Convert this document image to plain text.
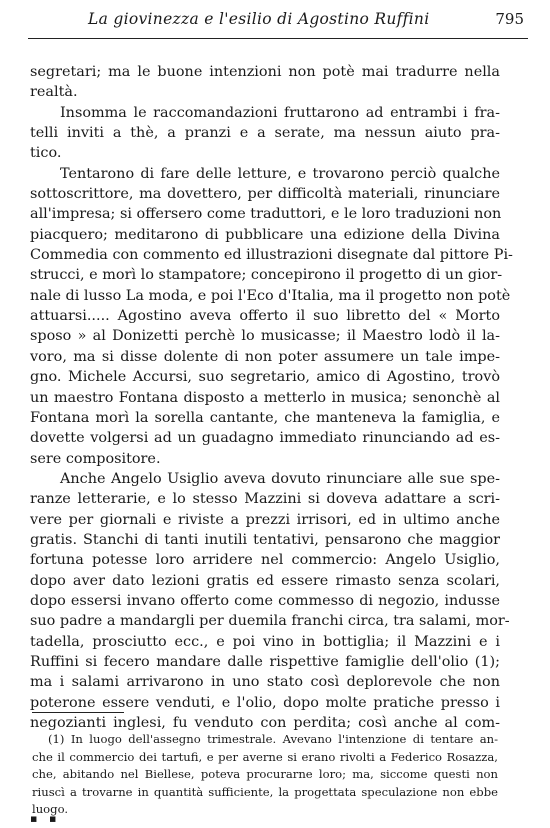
La giovinezza e l'esilio di Agostino Ruffini	795
segretari; ma le buone intenzioni non potè mai tradurre nella
realtà.
Insomma le raccomandazioni fruttarono ad entrambi i fra-
telli inviti a thè, a pranzi e a serate, ma nessun aiuto pra-
tico.
Tentarono di fare delle letture, e trovarono perciò qualche
sottoscrittore, ma dovettero, per difficoltà materiali, rinunciare
all'impresa; si offersero come traduttori, e le loro traduzioni non
piacquero; meditarono di pubblicare una edizione della Divina
Commedia con commento ed illustrazioni disegnate dal pittore Pi-
strucci, e morì lo stampatore; concepirono il progetto di un gior-
nale di lusso La moda, e poi l'Eco d'Italia, ma il progetto non potè
attuarsi..... Agostino aveva offerto il suo libretto del « Morto
sposo » al Donizetti perchè lo musicasse; il Maestro lodò il la-
voro, ma si disse dolente di non poter assumere un tale impe-
gno. Michele Accursi, suo segretario, amico di Agostino, trovò
un maestro Fontana disposto a metterlo in musica; senonchè al
Fontana morì la sorella cantante, che manteneva la famiglia, e
dovette volgersi ad un guadagno immediato rinunciando ad es-
sere compositore.
Anche Angelo Usiglio aveva dovuto rinunciare alle sue spe-
ranze letterarie, e lo stesso Mazzini si doveva adattare a scri-
vere per giornali e riviste a prezzi irrisori, ed in ultimo anche
gratis. Stanchi di tanti inutili tentativi, pensarono che maggior
fortuna potesse loro arridere nel commercio: Angelo Usiglio,
dopo aver dato lezioni gratis ed essere rimasto senza scolari,
dopo essersi invano offerto come commesso di negozio, indusse
suo padre a mandargli per duemila franchi circa, tra salami, mor-
tadella, prosciutto ecc., e poi vino in bottiglia; il Mazzini e i
Ruffini si fecero mandare dalle rispettive famiglie dell'olio (1);
ma i salami arrivarono in uno stato così deplorevole che non
poterone essere venduti, e l'olio, dopo molte pratiche presso i
negozianti inglesi, fu venduto con perdita; così anche al com-
(1) In luogo dell'assegno trimestrale. Avevano l'intenzione di tentare an-
che il commercio dei tartufi, e per averne si erano rivolti a Federico Rosazza,
che, abitando nel Biellese, poteva procurarne loro; ma, siccome questi non
riuscì a trovarne in quantità sufficiente, la progettata speculazione non ebbe
luogo.
▪ ▪
